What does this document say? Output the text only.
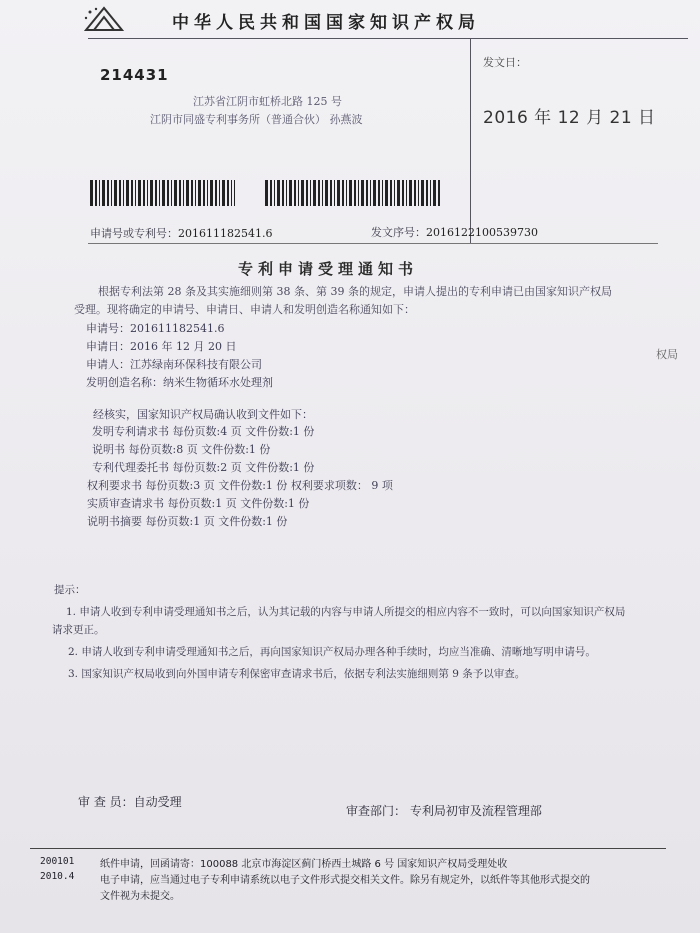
中华人民共和国国家知识产权局
214431
江苏省江阴市虹桥北路 125 号
江阴市同盛专利事务所（普通合伙） 孙燕波
发文日：
2016 年 12 月 21 日
申请号或专利号：201611182541.6	发文序号：2016122100539730
专利申请受理通知书
根据专利法第 28 条及其实施细则第 38 条、第 39 条的规定，申请人提出的专利申请已由国家知识产权局
受理。现将确定的申请号、申请日、申请人和发明创造名称通知如下：
申请号：201611182541.6
申请日：2016 年 12 月 20 日
申请人：江苏绿南环保科技有限公司
发明创造名称：纳米生物循环水处理剂
权局
经核实，国家知识产权局确认收到文件如下：
发明专利请求书 每份页数:4 页 文件份数:1 份
说明书 每份页数:8 页 文件份数:1 份
专利代理委托书 每份页数:2 页 文件份数:1 份
权利要求书 每份页数:3 页 文件份数:1 份 权利要求项数： 9 项
实质审查请求书 每份页数:1 页 文件份数:1 份
说明书摘要 每份页数:1 页 文件份数:1 份
提示：
1. 申请人收到专利申请受理通知书之后，认为其记载的内容与申请人所提交的相应内容不一致时，可以向国家知识产权局
请求更正。
2. 申请人收到专利申请受理通知书之后，再向国家知识产权局办理各种手续时，均应当准确、清晰地写明申请号。
3. 国家知识产权局收到向外国申请专利保密审查请求书后，依据专利法实施细则第 9 条予以审查。
审 查 员：自动受理
审查部门： 专利局初审及流程管理部
200101
2010.4
纸件申请，回函请寄：100088 北京市海淀区蓟门桥西土城路 6 号 国家知识产权局受理处收
电子申请，应当通过电子专利申请系统以电子文件形式提交相关文件。除另有规定外，以纸件等其他形式提交的
文件视为未提交。
